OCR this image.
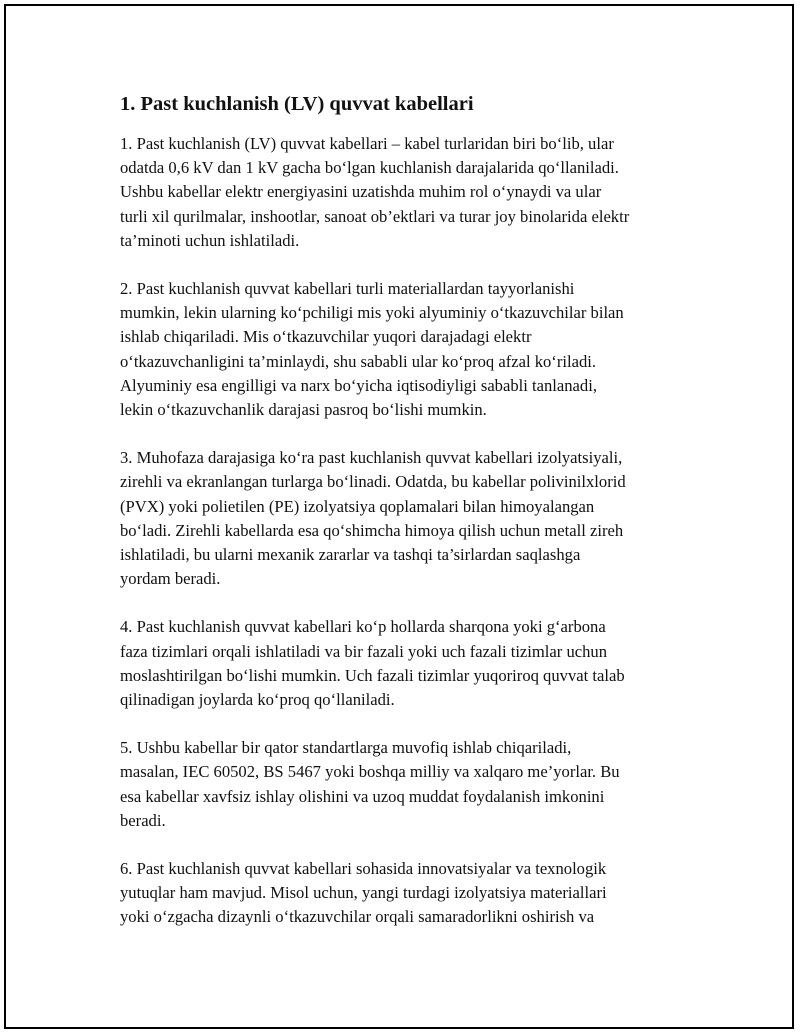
1. Past kuchlanish (LV) quvvat kabellari

1. Past kuchlanish (LV) quvvat kabellari – kabel turlaridan biri bo‘lib, ular
odatda 0,6 kV dan 1 kV gacha bo‘lgan kuchlanish darajalarida qo‘llaniladi.
Ushbu kabellar elektr energiyasini uzatishda muhim rol o‘ynaydi va ular
turli xil qurilmalar, inshootlar, sanoat ob’ektlari va turar joy binolarida elektr
ta’minoti uchun ishlatiladi.

2. Past kuchlanish quvvat kabellari turli materiallardan tayyorlanishi
mumkin, lekin ularning ko‘pchiligi mis yoki alyuminiy o‘tkazuvchilar bilan
ishlab chiqariladi. Mis o‘tkazuvchilar yuqori darajadagi elektr
o‘tkazuvchanligini ta’minlaydi, shu sababli ular ko‘proq afzal ko‘riladi.
Alyuminiy esa engilligi va narx bo‘yicha iqtisodiyligi sababli tanlanadi,
lekin o‘tkazuvchanlik darajasi pasroq bo‘lishi mumkin.

3. Muhofaza darajasiga ko‘ra past kuchlanish quvvat kabellari izolyatsiyali,
zirehli va ekranlangan turlarga bo‘linadi. Odatda, bu kabellar polivinilxlorid
(PVX) yoki polietilen (PE) izolyatsiya qoplamalari bilan himoyalangan
bo‘ladi. Zirehli kabellarda esa qo‘shimcha himoya qilish uchun metall zireh
ishlatiladi, bu ularni mexanik zararlar va tashqi ta’sirlardan saqlashga
yordam beradi.

4. Past kuchlanish quvvat kabellari ko‘p hollarda sharqona yoki g‘arbona
faza tizimlari orqali ishlatiladi va bir fazali yoki uch fazali tizimlar uchun
moslashtirilgan bo‘lishi mumkin. Uch fazali tizimlar yuqoriroq quvvat talab
qilinadigan joylarda ko‘proq qo‘llaniladi.

5. Ushbu kabellar bir qator standartlarga muvofiq ishlab chiqariladi,
masalan, IEC 60502, BS 5467 yoki boshqa milliy va xalqaro me’yorlar. Bu
esa kabellar xavfsiz ishlay olishini va uzoq muddat foydalanish imkonini
beradi.

6. Past kuchlanish quvvat kabellari sohasida innovatsiyalar va texnologik
yutuqlar ham mavjud. Misol uchun, yangi turdagi izolyatsiya materiallari
yoki o‘zgacha dizaynli o‘tkazuvchilar orqali samaradorlikni oshirish va
